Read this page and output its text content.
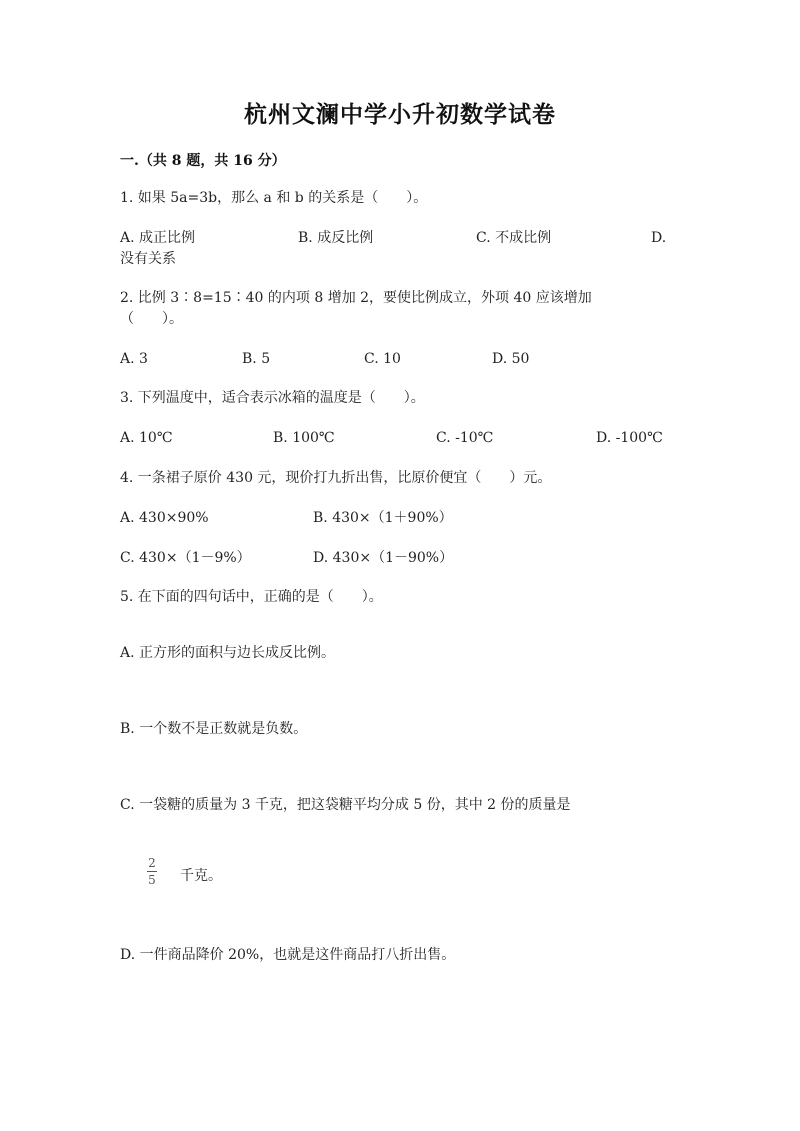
杭州文澜中学小升初数学试卷
一.（共 8 题，共 16 分）
1. 如果 5a=3b，那么 a 和 b 的关系是（　　）。
A. 成正比例	B. 成反比例	C. 不成比例	D.
没有关系
2. 比例 3∶8=15∶40 的内项 8 增加 2，要使比例成立，外项 40 应该增加
（　　）。
A. 3	B. 5	C. 10	D. 50
3. 下列温度中，适合表示冰箱的温度是（　　）。
A. 10℃	B. 100℃	C. -10℃	D. -100℃
4. 一条裙子原价 430 元，现价打九折出售，比原价便宜（　　）元。
A. 430×90%	B. 430×（1＋90%）
C. 430×（1－9%）	D. 430×（1－90%）
5. 在下面的四句话中，正确的是（　　）。
A. 正方形的面积与边长成反比例。
B. 一个数不是正数就是负数。
C. 一袋糖的质量为 3 千克，把这袋糖平均分成 5 份，其中 2 份的质量是
2
5 千克。
D. 一件商品降价 20%，也就是这件商品打八折出售。
